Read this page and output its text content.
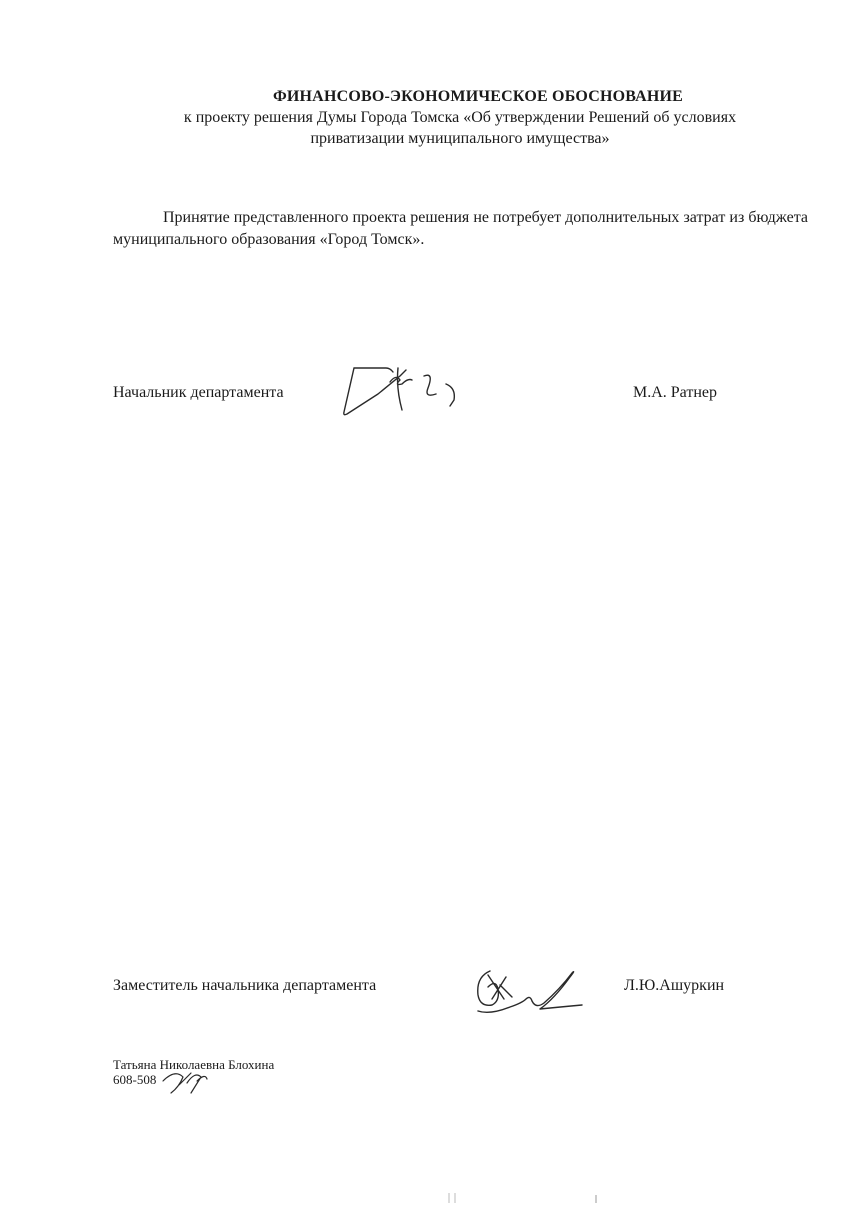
ФИНАНСОВО-ЭКОНОМИЧЕСКОЕ ОБОСНОВАНИЕ
к проекту решения Думы Города Томска «Об утверждении Решений об условиях
приватизации муниципального имущества»
Принятие представленного проекта решения не потребует дополнительных затрат из бюджета муниципального образования «Город Томск».
Начальник департамента	М.А. Ратнер
Заместитель начальника департамента	Л.Ю.Ашуркин
Татьяна Николаевна Блохина
608-508
